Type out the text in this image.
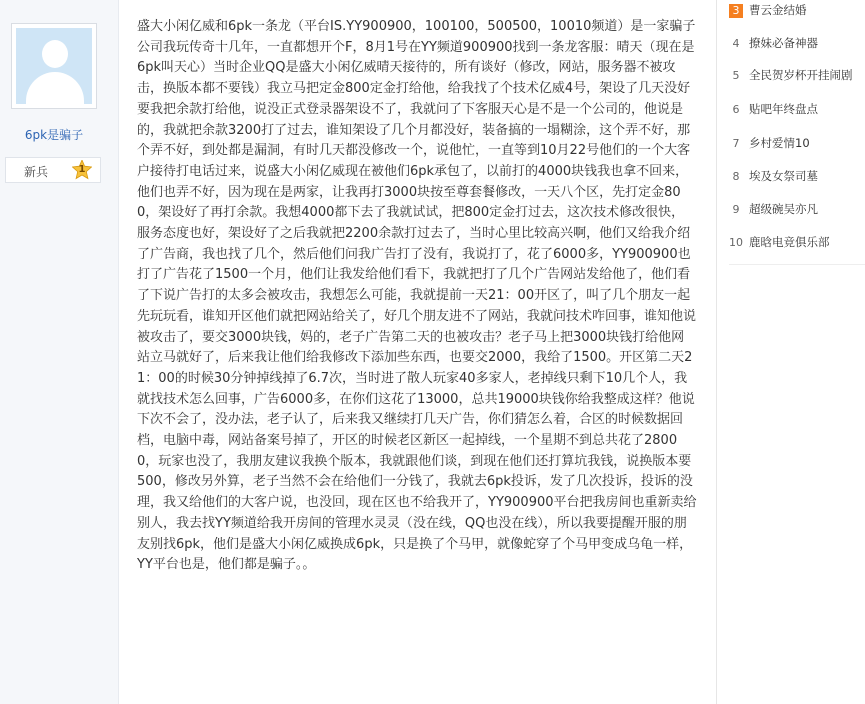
6pk是骗子
新兵	1
盛大小闲亿威和6pk一条龙（平台IS.YY900900，100100，500500，10010频道）是一家骗子公司我玩传奇十几年，一直都想开个F，8月1号在YY频道900900找到一条龙客服：晴天（现在是6pk叫天心）当时企业QQ是盛大小闲亿威晴天接待的，所有谈好（修改，网站，服务器不被攻击，换版本都不要钱）我立马把定金800定金打给他，给我找了个技术亿威4号，架设了几天没好要我把余款打给他，说没正式登录器架设不了，我就问了下客服天心是不是一个公司的，他说是的，我就把余款3200打了过去，谁知架设了几个月都没好，装备搞的一塌糊涂，这个弄不好，那个弄不好，到处都是漏洞，有时几天都没修改一个，说他忙，一直等到10月22号他们的一个大客户接待打电话过来，说盛大小闲亿威现在被他们6pk承包了，以前打的4000块钱我也拿不回来，他们也弄不好，因为现在是两家，让我再打3000块按至尊套餐修改，一天八个区，先打定金800，架设好了再打余款。我想4000都下去了我就试试，把800定金打过去，这次技术修改很快，服务态度也好，架设好了之后我就把2200余款打过去了，当时心里比较高兴啊，他们又给我介绍了广告商，我也找了几个，然后他们问我广告打了没有，我说打了，花了6000多，YY900900也打了广告花了1500一个月，他们让我发给他们看下，我就把打了几个广告网站发给他了，他们看了下说广告打的太多会被攻击，我想怎么可能，我就提前一天21：00开区了，叫了几个朋友一起先玩玩看，谁知开区他们就把网站给关了，好几个朋友进不了网站，我就问技术咋回事，谁知他说被攻击了，要交3000块钱，妈的，老子广告第二天的也被攻击？老子马上把3000块钱打给他网站立马就好了，后来我让他们给我修改下添加些东西，也要交2000，我给了1500。开区第二天21：00的时候30分钟掉线掉了6.7次，当时进了散人玩家40多家人，老掉线只剩下10几个人，我就找技术怎么回事，广告6000多，在你们这花了13000，总共19000块钱你给我整成这样？他说下次不会了，没办法，老子认了，后来我又继续打几天广告，你们猜怎么着，合区的时候数据回档，电脑中毒，网站备案号掉了，开区的时候老区新区一起掉线，一个星期不到总共花了28000，玩家也没了，我朋友建议我换个版本，我就跟他们谈，到现在他们还打算坑我钱，说换版本要500，修改另外算，老子当然不会在给他们一分钱了，我就去6pk投诉，发了几次投诉，投诉的没理，我又给他们的大客户说，也没回，现在区也不给我开了，YY900900平台把我房间也重新卖给别人，我去找YY频道给我开房间的管理水灵灵（没在线，QQ也没在线），所以我要提醒开服的朋友别找6pk，他们是盛大小闲亿威换成6pk，只是换了个马甲，就像蛇穿了个马甲变成乌龟一样，YY平台也是，他们都是骗子。。
3 曹云金结婚
4 撩妹必备神器
5 全民贺岁杯开挂闹剧
6 贴吧年终盘点
7 乡村爱情10
8 埃及女祭司墓
9 超级碗吴亦凡
10 鹿晗电竞俱乐部
